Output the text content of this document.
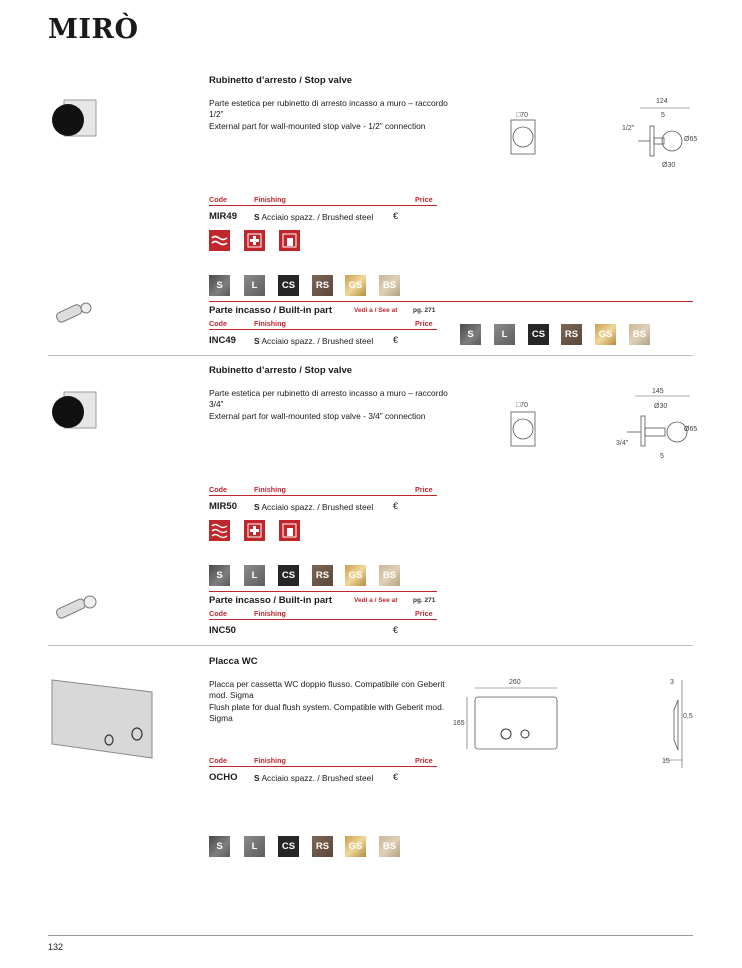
MIRÒ
Rubinetto d’arresto / Stop valve
Parte estetica per rubinetto di arresto incasso a muro – raccordo 1/2”
External part for wall-mounted stop valve - 1/2” connection
□70
124
5
1/2”
Ø65
Ø30
Code	Finishing	Price
MIR49 S Acciaio spazz. / Brushed steel €
S	L	CS	RS	GS	BS
Parte incasso / Built-in part	Vedi a / See at pg. 271
Code	Finishing	Price
INC49 S Acciaio spazz. / Brushed steel €	S	L	CS	RS	GS	BS
Rubinetto d’arresto / Stop valve
Parte estetica per rubinetto di arresto incasso a muro – raccordo 3/4”
External part for wall-mounted stop valve - 3/4” connection
□70
145
Ø30
3/4”
Ø65
5
Code	Finishing	Price
MIR50 S Acciaio spazz. / Brushed steel €
S	L	CS	RS	GS	BS
Parte incasso / Built-in part	Vedi a / See at pg. 271
Code	Finishing	Price
INC50	€
Placca WC
Placca per cassetta WC doppio flusso. Compatibile con Geberit mod. Sigma
Flush plate for dual flush system. Compatible with Geberit mod. Sigma
260
165
3
0,5
15
Code	Finishing	Price
OCHO S Acciaio spazz. / Brushed steel €
S	L	CS	RS	GS	BS
132
